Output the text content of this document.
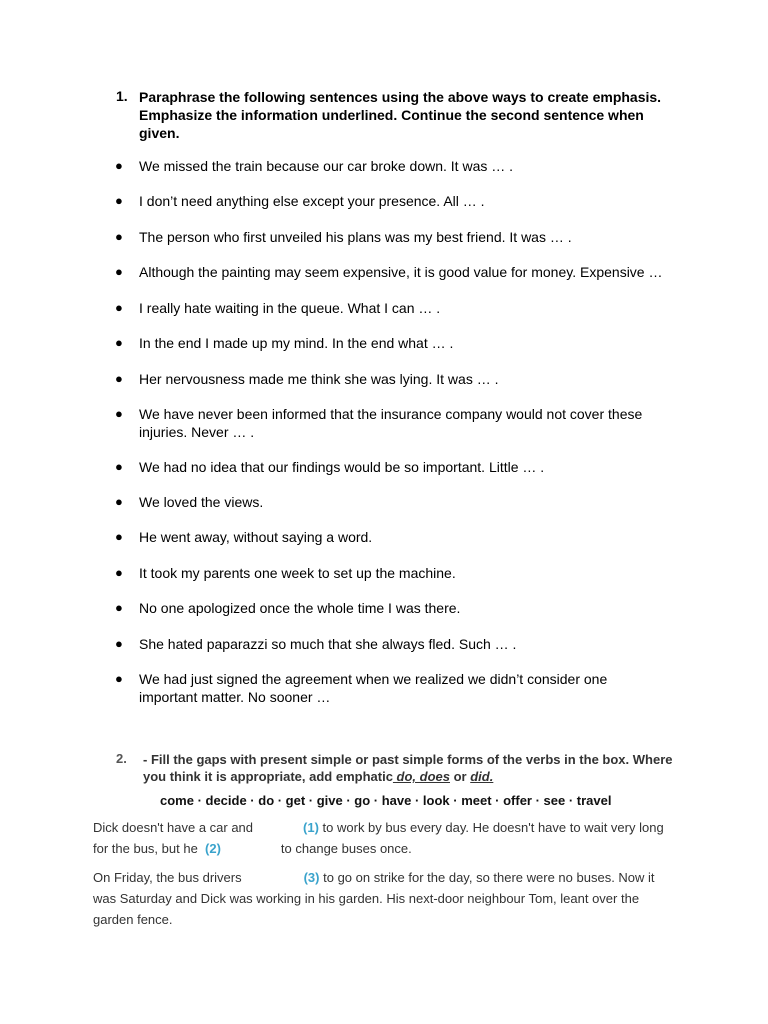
1. Paraphrase the following sentences using the above ways to create emphasis.
Emphasize the information underlined. Continue the second sentence when
given.
● We missed the train because our car broke down. It was … .
● I don’t need anything else except your presence. All … .
● The person who first unveiled his plans was my best friend. It was … .
● Although the painting may seem expensive, it is good value for money. Expensive …
● I really hate waiting in the queue. What I can … .
● In the end I made up my mind. In the end what … .
● Her nervousness made me think she was lying. It was … .
● We have never been informed that the insurance company would not cover these
injuries. Never … .
● We had no idea that our findings would be so important. Little … .
● We loved the views.
● He went away, without saying a word.
● It took my parents one week to set up the machine.
● No one apologized once the whole time I was there.
● She hated paparazzi so much that she always fled. Such … .
● We had just signed the agreement when we realized we didn’t consider one
important matter. No sooner …
2. - Fill the gaps with present simple or past simple forms of the verbs in the box. Where
you think it is appropriate, add emphatic do, does or did.
come · decide · do · get · give · go · have · look · meet · offer · see · travel
Dick doesn't have a car and	(1) to work by bus every day. He doesn't have to wait very long
for the bus, but he (2)	to change buses once.
On Friday, the bus drivers	(3) to go on strike for the day, so there were no buses. Now it
was Saturday and Dick was working in his garden. His next-door neighbour Tom, leant over the
garden fence.
